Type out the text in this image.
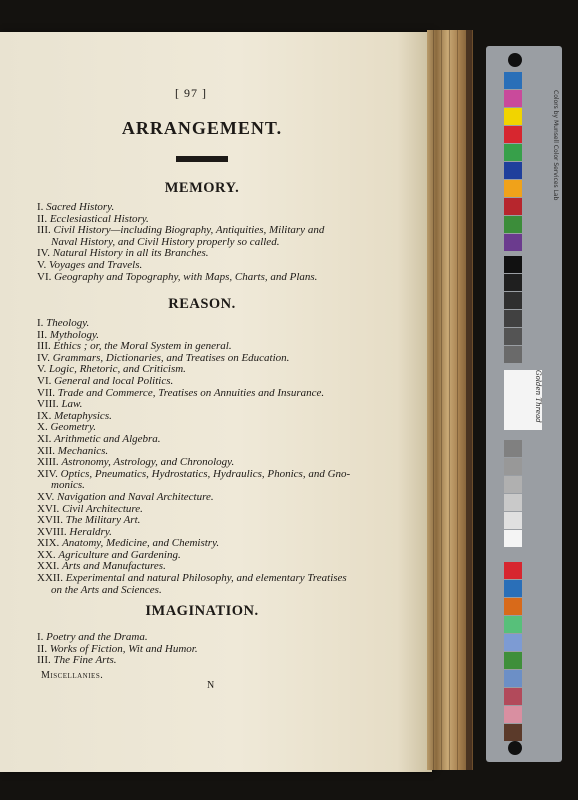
[ 97 ]
ARRANGEMENT.
MEMORY.
I. Sacred History.
II. Ecclesiastical History.
III. Civil History—including Biography, Antiquities, Military and
Naval History, and Civil History properly so called.
IV. Natural History in all its Branches.
V. Voyages and Travels.
VI. Geography and Topography, with Maps, Charts, and Plans.
REASON.
I. Theology.
II. Mythology.
III. Ethics ; or, the Moral System in general.
IV. Grammars, Dictionaries, and Treatises on Education.
V. Logic, Rhetoric, and Criticism.
VI. General and local Politics.
VII. Trade and Commerce, Treatises on Annuities and Insurance.
VIII. Law.
IX. Metaphysics.
X. Geometry.
XI. Arithmetic and Algebra.
XII. Mechanics.
XIII. Astronomy, Astrology, and Chronology.
XIV. Optics, Pneumatics, Hydrostatics, Hydraulics, Phonics, and Gno-
monics.
XV. Navigation and Naval Architecture.
XVI. Civil Architecture.
XVII. The Military Art.
XVIII. Heraldry.
XIX. Anatomy, Medicine, and Chemistry.
XX. Agriculture and Gardening.
XXI. Arts and Manufactures.
XXII. Experimental and natural Philosophy, and elementary Treatises
on the Arts and Sciences.
IMAGINATION.
I. Poetry and the Drama.
II. Works of Fiction, Wit and Humor.
III. The Fine Arts.
Miscellanies.
N
Colors by Munsell Color Services Lab
Golden Thread
